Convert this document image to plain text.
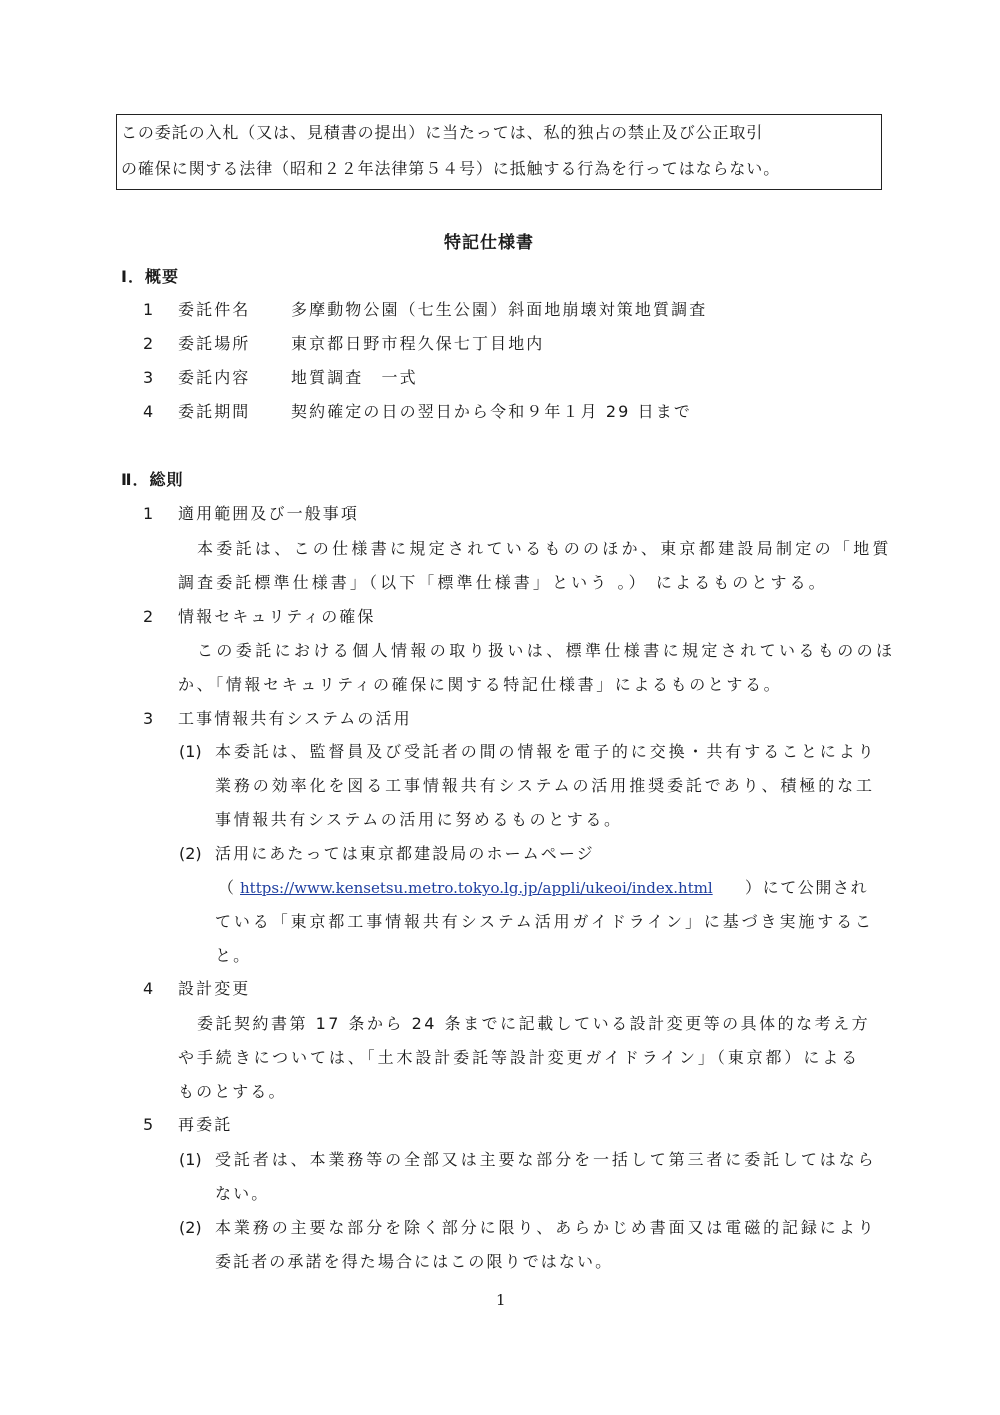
この委託の入札（又は、見積書の提出）に当たっては、私的独占の禁止及び公正取引
の確保に関する法律（昭和２２年法律第５４号）に抵触する行為を行ってはならない。
特記仕様書
Ⅰ．概要
1 委託件名	多摩動物公園（七生公園）斜面地崩壊対策地質調査
2 委託場所	東京都日野市程久保七丁目地内
3 委託内容	地質調査　一式
4 委託期間	契約確定の日の翌日から令和９年１月 29 日まで
Ⅱ．総則
1 適用範囲及び一般事項
本委託は、この仕様書に規定されているもののほか、東京都建設局制定の「地質
調査委託標準仕様書」（以下「標準仕様書」という 。） によるものとする。
2 情報セキュリティの確保
この委託における個人情報の取り扱いは、標準仕様書に規定されているもののほ
か、「情報セキュリティの確保に関する特記仕様書」によるものとする。
3 工事情報共有システムの活用
(1) 本委託は、監督員及び受託者の間の情報を電子的に交換・共有することにより
業務の効率化を図る工事情報共有システムの活用推奨委託であり、積極的な工
事情報共有システムの活用に努めるものとする。
(2) 活用にあたっては東京都建設局のホームページ
（ https://www.kensetsu.metro.tokyo.lg.jp/appli/ukeoi/index.html ）にて公開され
ている「東京都工事情報共有システム活用ガイドライン」に基づき実施するこ
と。
4 設計変更
委託契約書第 17 条から 24 条までに記載している設計変更等の具体的な考え方
や手続きについては、「土木設計委託等設計変更ガイドライン」（東京都）による
ものとする。
5 再委託
(1) 受託者は、本業務等の全部又は主要な部分を一括して第三者に委託してはなら
ない。
(2) 本業務の主要な部分を除く部分に限り、あらかじめ書面又は電磁的記録により
委託者の承諾を得た場合にはこの限りではない。
1
